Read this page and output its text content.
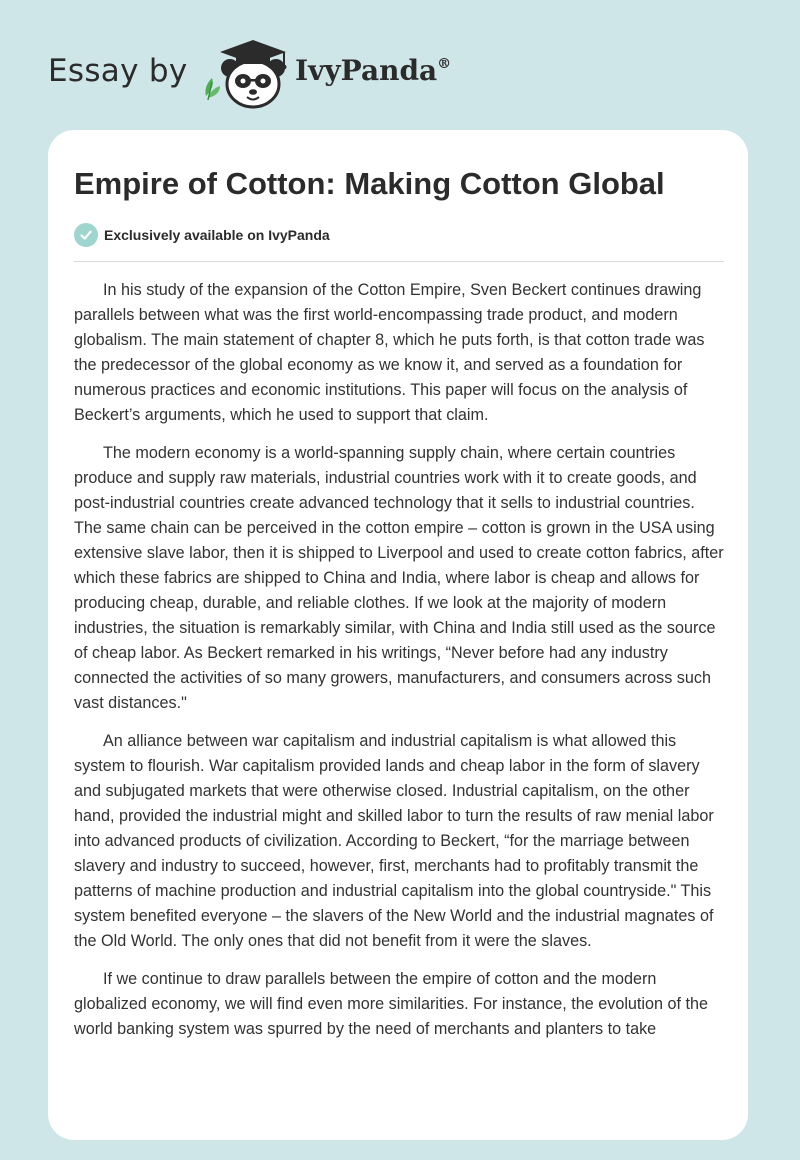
Essay by	IvyPanda®
Empire of Cotton: Making Cotton Global
Exclusively available on IvyPanda

In his study of the expansion of the Cotton Empire, Sven Beckert continues drawing parallels between what was the first world-encompassing trade product, and modern globalism. The main statement of chapter 8, which he puts forth, is that cotton trade was the predecessor of the global economy as we know it, and served as a foundation for numerous practices and economic institutions. This paper will focus on the analysis of Beckert’s arguments, which he used to support that claim.

The modern economy is a world-spanning supply chain, where certain countries produce and supply raw materials, industrial countries work with it to create goods, and post-industrial countries create advanced technology that it sells to industrial countries. The same chain can be perceived in the cotton empire – cotton is grown in the USA using extensive slave labor, then it is shipped to Liverpool and used to create cotton fabrics, after which these fabrics are shipped to China and India, where labor is cheap and allows for producing cheap, durable, and reliable clothes. If we look at the majority of modern industries, the situation is remarkably similar, with China and India still used as the source of cheap labor. As Beckert remarked in his writings, “Never before had any industry connected the activities of so many growers, manufacturers, and consumers across such vast distances."

An alliance between war capitalism and industrial capitalism is what allowed this system to flourish. War capitalism provided lands and cheap labor in the form of slavery and subjugated markets that were otherwise closed. Industrial capitalism, on the other hand, provided the industrial might and skilled labor to turn the results of raw menial labor into advanced products of civilization. According to Beckert, “for the marriage between slavery and industry to succeed, however, first, merchants had to profitably transmit the patterns of machine production and industrial capitalism into the global countryside." This system benefited everyone – the slavers of the New World and the industrial magnates of the Old World. The only ones that did not benefit from it were the slaves.

If we continue to draw parallels between the empire of cotton and the modern globalized economy, we will find even more similarities. For instance, the evolution of the world banking system was spurred by the need of merchants and planters to take
